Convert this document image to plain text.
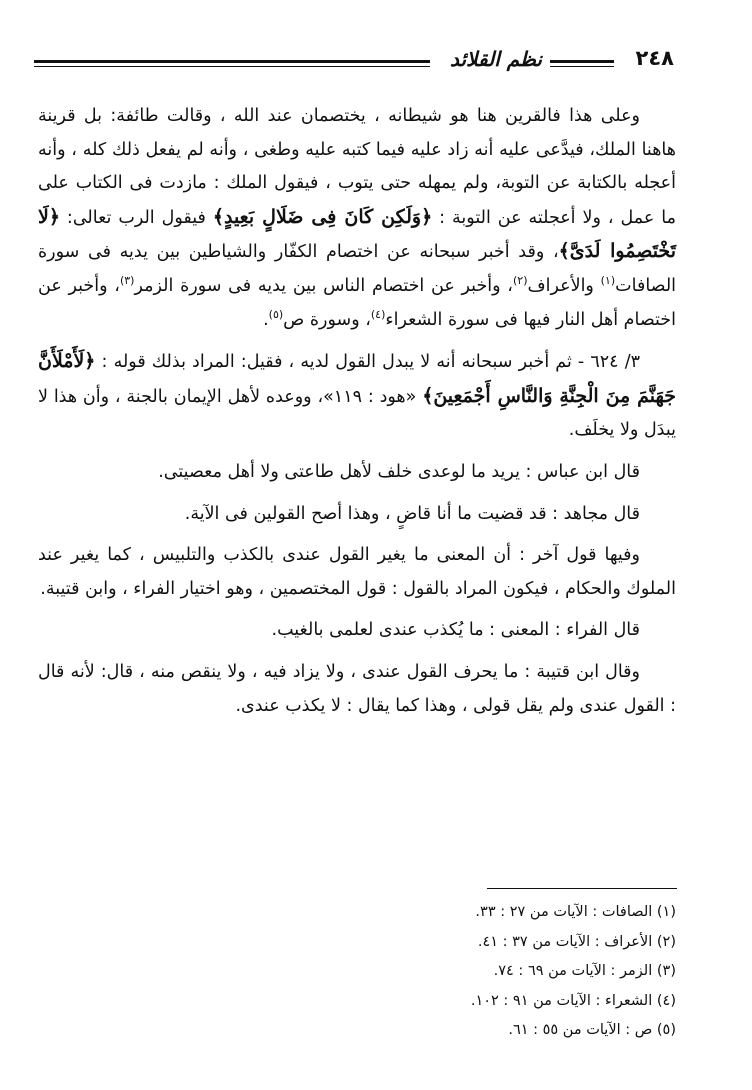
٢٤٨
نظم القلائد

وعلى هذا فالقرين هنا هو شيطانه ، يختصمان عند الله ، وقالت طائفة: بل قرينة هاهنا الملك، فيدَّعى عليه أنه زاد عليه فيما كتبه عليه وطغى ، وأنه لم يفعل ذلك كله ، وأنه أعجله بالكتابة عن التوبة، ولم يمهله حتى يتوب ، فيقول الملك : مازدت فى الكتاب على ما عمل ، ولا أعجلته عن التوبة : ﴿وَلَكِن كَانَ فِى ضَلَالٍ بَعِيدٍ﴾ فيقول الرب تعالى: ﴿لَا تَخْتَصِمُوا لَدَىَّ﴾، وقد أخبر سبحانه عن اختصام الكفّار والشياطين بين يديه فى سورة الصافات$^{(١)}$ والأعراف$^{(٢)}$، وأخبر عن اختصام الناس بين يديه فى سورة الزمر$^{(٣)}$، وأخبر عن اختصام أهل النار فيها فى سورة الشعراء$^{(٤)}$، وسورة ص$^{(٥)}$.

٣/ ٦٢٤ - ثم أخبر سبحانه أنه لا يبدل القول لديه ، فقيل: المراد بذلك قوله : ﴿لَأَمْلَأَنَّ جَهَنَّمَ مِنَ الْجِنَّةِ وَالنَّاسِ أَجْمَعِينَ﴾ «هود : ١١٩»، ووعده لأهل الإيمان بالجنة ، وأن هذا لا يبدَل ولا يخلَف.

قال ابن عباس : يريد ما لوعدى خلف لأهل طاعتى ولا أهل معصيتى.

قال مجاهد : قد قضيت ما أنا قاضٍ ، وهذا أصح القولين فى الآية.

وفيها قول آخر : أن المعنى ما يغير القول عندى بالكذب والتلبيس ، كما يغير عند الملوك والحكام ، فيكون المراد بالقول : قول المختصمين ، وهو اختيار الفراء ، وابن قتيبة.

قال الفراء : المعنى : ما يُكذب عندى لعلمى بالغيب.

وقال ابن قتيبة : ما يحرف القول عندى ، ولا يزاد فيه ، ولا ينقص منه ، قال: لأنه قال : القول عندى ولم يقل قولى ، وهذا كما يقال : لا يكذب عندى.

(١) الصافات : الآيات من ٢٧ : ٣٣.
(٢) الأعراف : الآيات من ٣٧ : ٤١.
(٣) الزمر : الآيات من ٦٩ : ٧٤.
(٤) الشعراء : الآيات من ٩١ : ١٠٢.
(٥) ص : الآيات من ٥٥ : ٦١.
